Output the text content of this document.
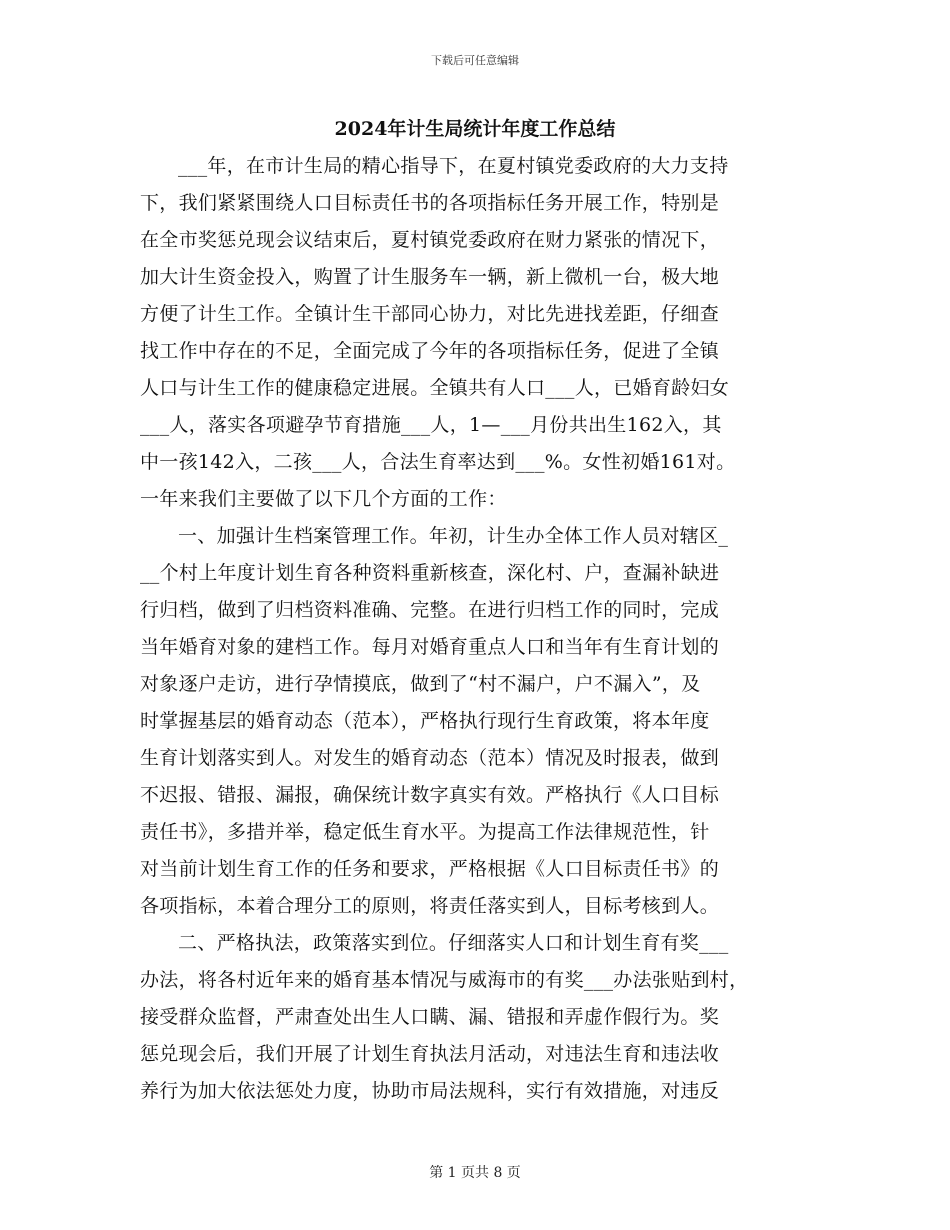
下载后可任意编辑
2024年计生局统计年度工作总结
___年，在市计生局的精心指导下，在夏村镇党委政府的大力支持
下，我们紧紧围绕人口目标责任书的各项指标任务开展工作，特别是
在全市奖惩兑现会议结束后，夏村镇党委政府在财力紧张的情况下，
加大计生资金投入，购置了计生服务车一辆，新上微机一台，极大地
方便了计生工作。全镇计生干部同心协力，对比先进找差距，仔细查
找工作中存在的不足，全面完成了今年的各项指标任务，促进了全镇
人口与计生工作的健康稳定进展。全镇共有人口___人，已婚育龄妇女
___人，落实各项避孕节育措施___人，1—___月份共出生162入，其
中一孩142入，二孩___人，合法生育率达到___%。女性初婚161对。
一年来我们主要做了以下几个方面的工作：
一、加强计生档案管理工作。年初，计生办全体工作人员对辖区_
__个村上年度计划生育各种资料重新核查，深化村、户，查漏补缺进
行归档，做到了归档资料准确、完整。在进行归档工作的同时，完成
当年婚育对象的建档工作。每月对婚育重点人口和当年有生育计划的
对象逐户走访，进行孕情摸底，做到了“村不漏户，户不漏入”，及
时掌握基层的婚育动态（范本），严格执行现行生育政策，将本年度
生育计划落实到人。对发生的婚育动态（范本）情况及时报表，做到
不迟报、错报、漏报，确保统计数字真实有效。严格执行《人口目标
责任书》，多措并举，稳定低生育水平。为提高工作法律规范性，针
对当前计划生育工作的任务和要求，严格根据《人口目标责任书》的
各项指标，本着合理分工的原则，将责任落实到人，目标考核到人。
二、严格执法，政策落实到位。仔细落实人口和计划生育有奖___
办法，将各村近年来的婚育基本情况与威海市的有奖___办法张贴到村，
接受群众监督，严肃查处出生人口瞒、漏、错报和弄虚作假行为。奖
惩兑现会后，我们开展了计划生育执法月活动，对违法生育和违法收
养行为加大依法惩处力度，协助市局法规科，实行有效措施，对违反
第 1 页共 8 页
